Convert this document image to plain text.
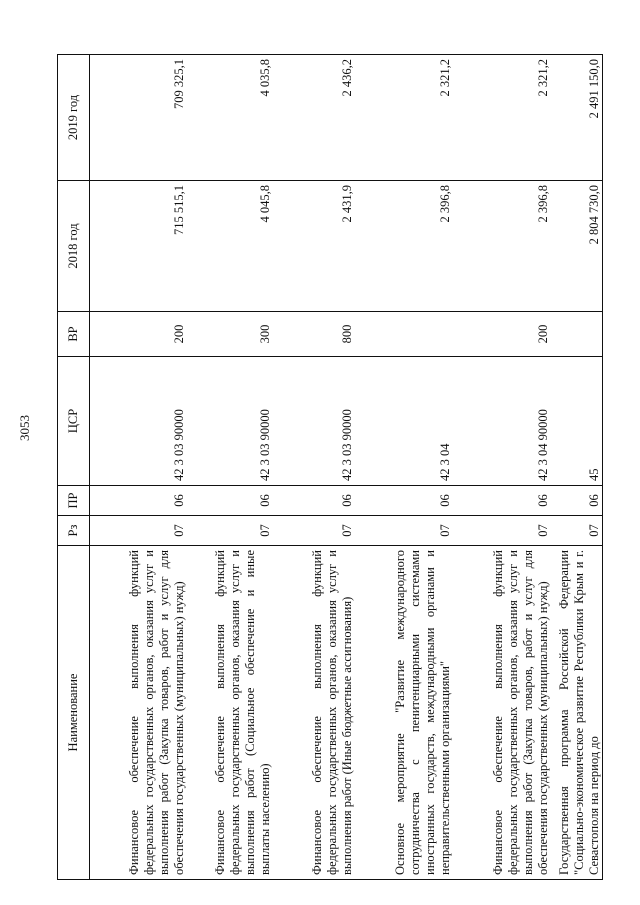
3053
Наименование	Рз	ПР	ЦСР	ВР	2018 год	2019 год
Финансовое обеспечение выполнения функций федеральных государственных органов, оказания услуг и выполнения работ (Закупка товаров, работ и услуг для обеспечения государственных (муниципальных) нужд)	07	06	42 3 03 90000	200	715 515,1	709 325,1
Финансовое обеспечение выполнения функций федеральных государственных органов, оказания услуг и выполнения работ (Социальное обеспечение и иные выплаты населению)	07	06	42 3 03 90000	300	4 045,8	4 035,8
Финансовое обеспечение выполнения функций федеральных государственных органов, оказания услуг и выполнения работ (Иные бюджетные ассигнования)	07	06	42 3 03 90000	800	2 431,9	2 436,2
Основное мероприятие "Развитие международного сотрудничества с пенитенциарными системами иностранных государств, международными органами и неправительственными организациями"	07	06	42 3 04		2 396,8	2 321,2
Финансовое обеспечение выполнения функций федеральных государственных органов, оказания услуг и выполнения работ (Закупка товаров, работ и услуг для обеспечения государственных (муниципальных) нужд)	07	06	42 3 04 90000	200	2 396,8	2 321,2
Государственная программа Российской Федерации "Социально-экономическое развитие Республики Крым и г. Севастополя на период до	07	06	45		2 804 730,0	2 491 150,0
